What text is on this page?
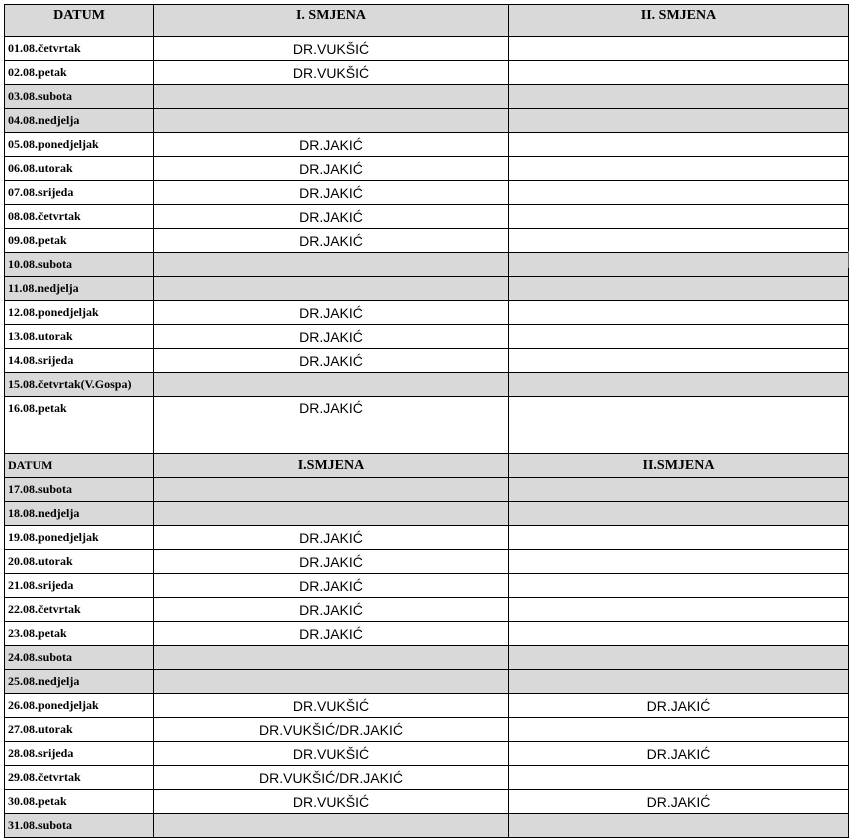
DATUM	I. SMJENA	II. SMJENA
01.08.četvrtak	DR.VUKŠIĆ	
02.08.petak	DR.VUKŠIĆ	
03.08.subota		
04.08.nedjelja		
05.08.ponedjeljak	DR.JAKIĆ	
06.08.utorak	DR.JAKIĆ	
07.08.srijeda	DR.JAKIĆ	
08.08.četvrtak	DR.JAKIĆ	
09.08.petak	DR.JAKIĆ	
10.08.subota		
11.08.nedjelja		
12.08.ponedjeljak	DR.JAKIĆ	
13.08.utorak	DR.JAKIĆ	
14.08.srijeda	DR.JAKIĆ	
15.08.četvrtak(V.Gospa)		
16.08.petak	DR.JAKIĆ	
DATUM	I.SMJENA	II.SMJENA
17.08.subota		
18.08.nedjelja		
19.08.ponedjeljak	DR.JAKIĆ	
20.08.utorak	DR.JAKIĆ	
21.08.srijeda	DR.JAKIĆ	
22.08.četvrtak	DR.JAKIĆ	
23.08.petak	DR.JAKIĆ	
24.08.subota		
25.08.nedjelja		
26.08.ponedjeljak	DR.VUKŠIĆ	DR.JAKIĆ
27.08.utorak	DR.VUKŠIĆ/DR.JAKIĆ	
28.08.srijeda	DR.VUKŠIĆ	DR.JAKIĆ
29.08.četvrtak	DR.VUKŠIĆ/DR.JAKIĆ	
30.08.petak	DR.VUKŠIĆ	DR.JAKIĆ
31.08.subota		
